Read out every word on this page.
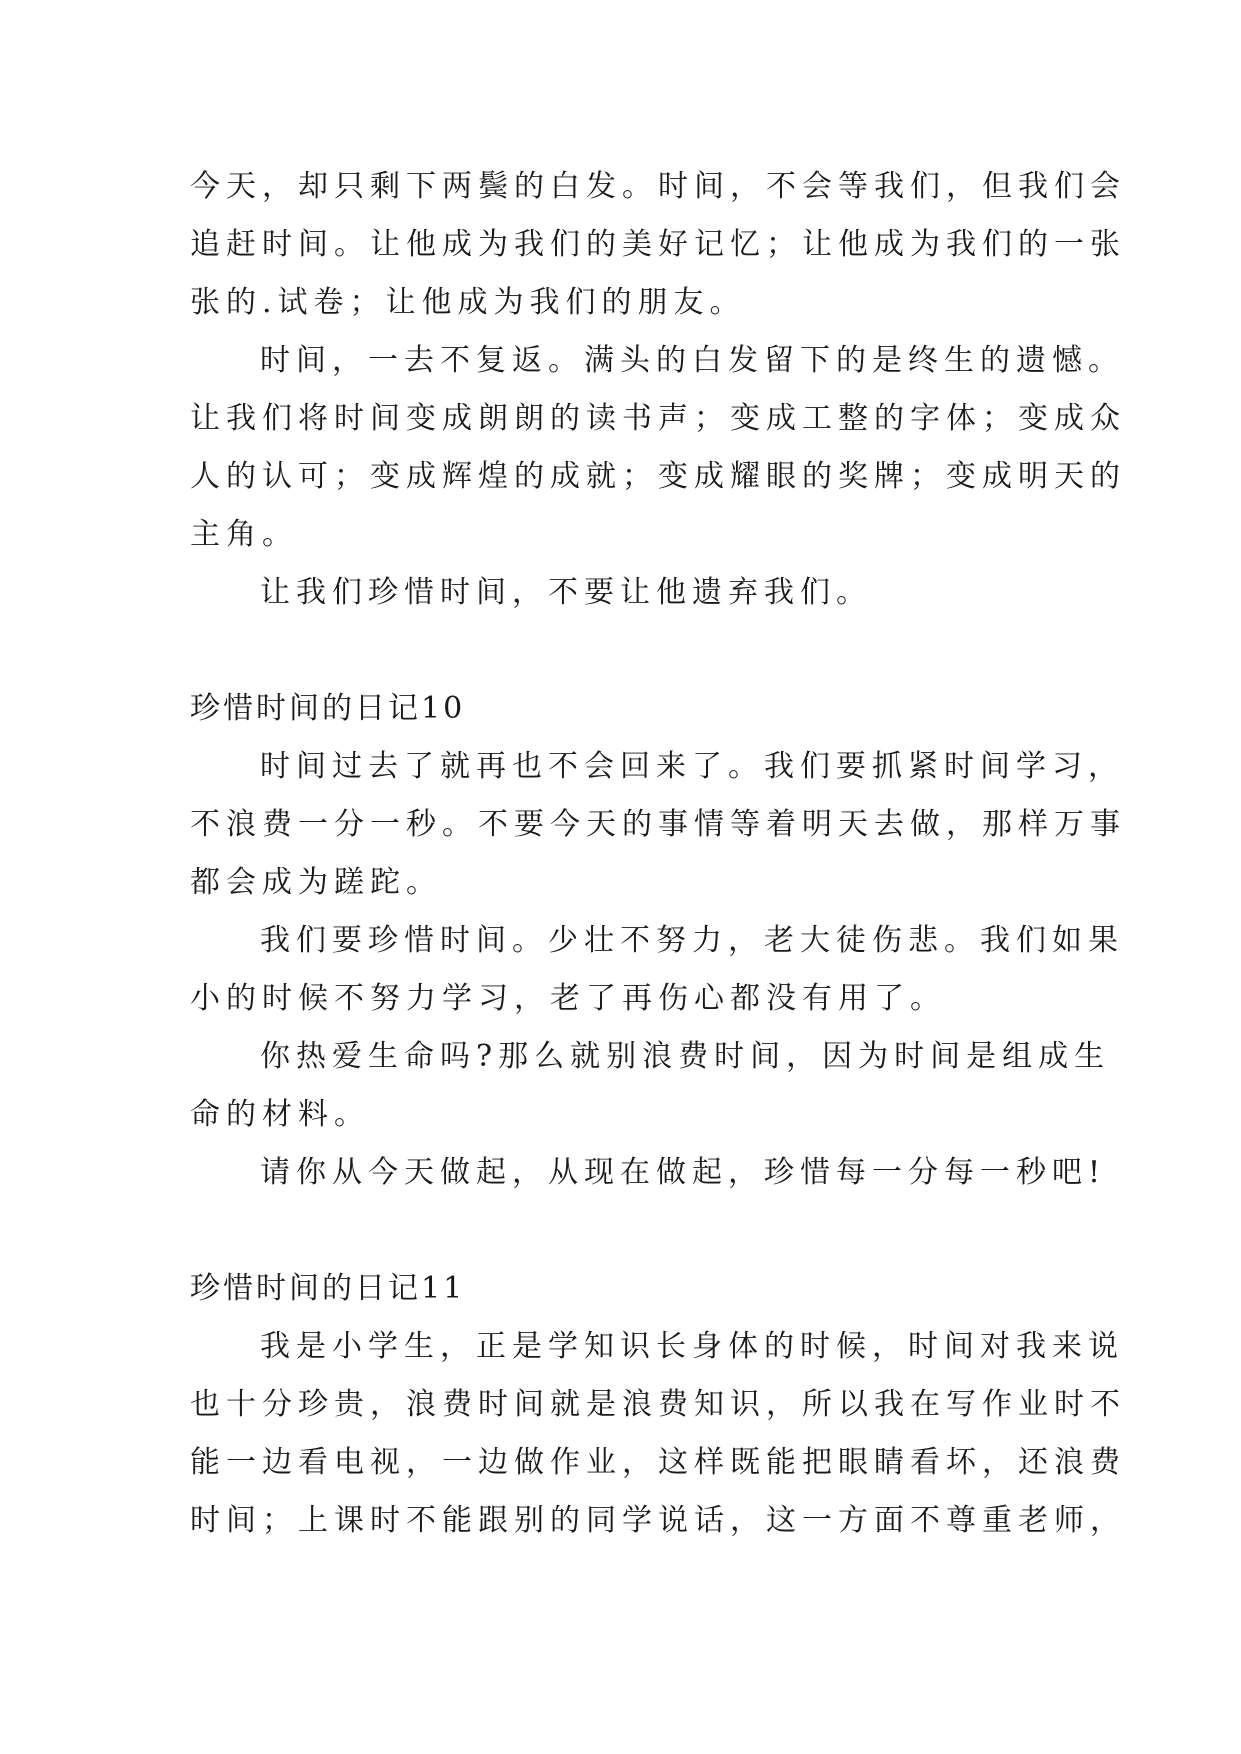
今天，却只剩下两鬓的白发。时间，不会等我们，但我们会
追赶时间。让他成为我们的美好记忆；让他成为我们的一张
张的.试卷；让他成为我们的朋友。
时间，一去不复返。满头的白发留下的是终生的遗憾。
让我们将时间变成朗朗的读书声；变成工整的字体；变成众
人的认可；变成辉煌的成就；变成耀眼的奖牌；变成明天的
主角。
让我们珍惜时间，不要让他遗弃我们。
珍惜时间的日记10
时间过去了就再也不会回来了。我们要抓紧时间学习，
不浪费一分一秒。不要今天的事情等着明天去做，那样万事
都会成为蹉跎。
我们要珍惜时间。少壮不努力，老大徒伤悲。我们如果
小的时候不努力学习，老了再伤心都没有用了。
你热爱生命吗?那么就别浪费时间，因为时间是组成生
命的材料。
请你从今天做起，从现在做起，珍惜每一分每一秒吧!
珍惜时间的日记11
我是小学生，正是学知识长身体的时候，时间对我来说
也十分珍贵，浪费时间就是浪费知识，所以我在写作业时不
能一边看电视，一边做作业，这样既能把眼睛看坏，还浪费
时间；上课时不能跟别的同学说话，这一方面不尊重老师，
